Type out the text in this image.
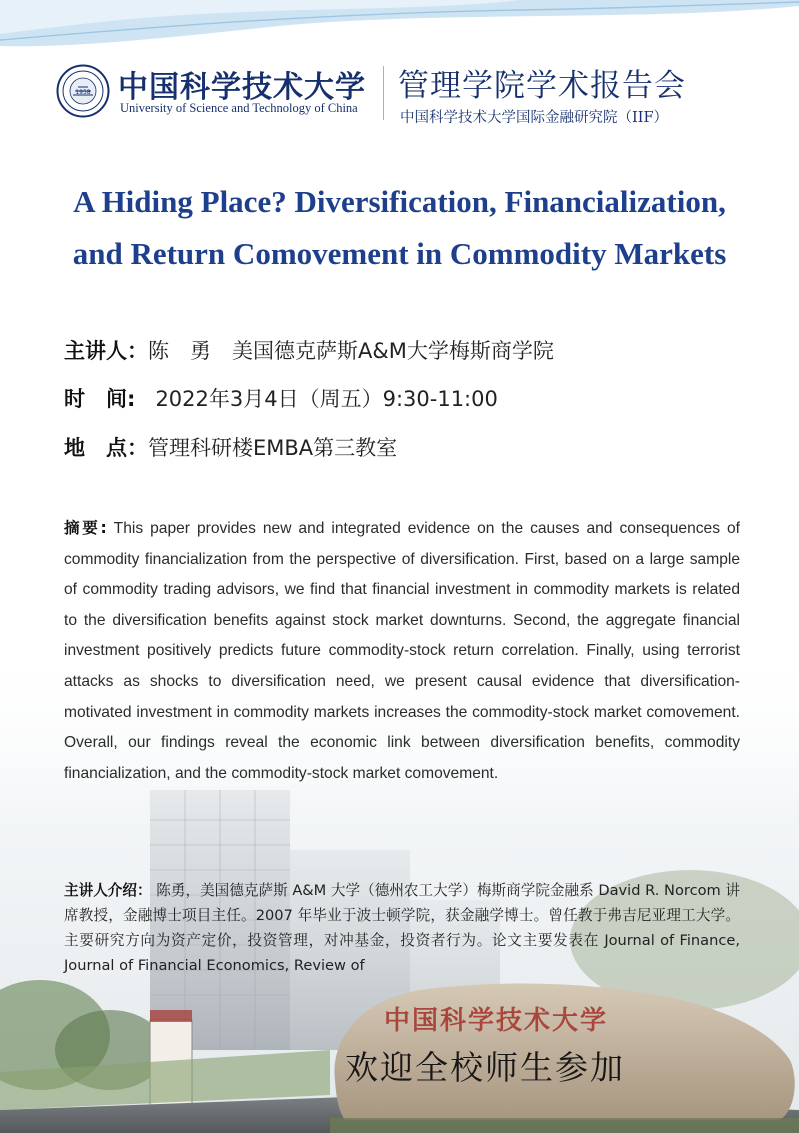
1958 中国科学技术大学
University of Science and Technology of China
管理学院学术报告会
中国科学技术大学国际金融研究院（IIF）
A Hiding Place? Diversification, Financialization,
and Return Comovement in Commodity Markets
主讲人：陈　勇　美国德克萨斯A&M大学梅斯商学院
时　间: 2022年3月4日（周五）9:30-11:00
地　点：管理科研楼EMBA第三教室
摘要: This paper provides new and integrated evidence on the causes and consequences of commodity financialization from the perspective of diversification. First, based on a large sample of commodity trading advisors, we find that financial investment in commodity markets is related to the diversification benefits against stock market downturns. Second, the aggregate financial investment positively predicts future commodity-stock return correlation. Finally, using terrorist attacks as shocks to diversification need, we present causal evidence that diversification-motivated investment in commodity markets increases the commodity-stock market comovement. Overall, our findings reveal the economic link between diversification benefits, commodity financialization, and the commodity-stock market comovement.
主讲人介绍： 陈勇，美国德克萨斯 A&M 大学（德州农工大学）梅斯商学院金融系 David R. Norcom 讲席教授，金融博士项目主任。2007 年毕业于波士顿学院，获金融学博士。曾任教于弗吉尼亚理工大学。主要研究方向为资产定价，投资管理，对冲基金，投资者行为。论文主要发表在 Journal of Finance, Journal of Financial Economics, Review of
中国科学技术大学
欢迎全校师生参加
